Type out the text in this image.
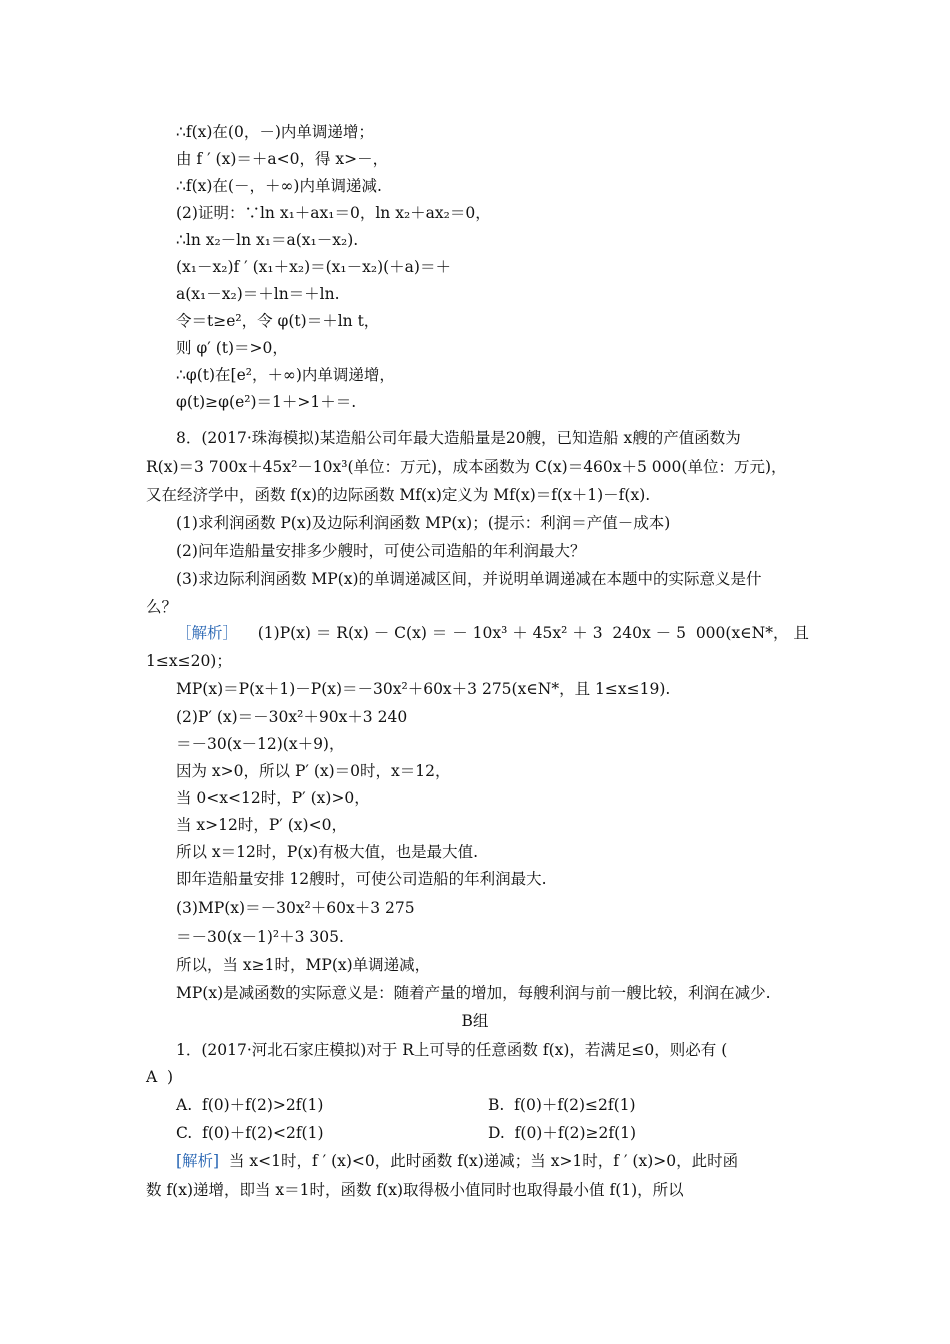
∴f(x)在(0，－)内单调递增；
由 f ′ (x)＝＋a<0，得 x>－，
∴f(x)在(－，＋∞)内单调递减.
(2)证明：∵ln x₁＋ax₁＝0，ln x₂＋ax₂＝0，
∴ln x₂－ln x₁＝a(x₁－x₂).
(x₁－x₂)f ′ (x₁＋x₂)＝(x₁－x₂)(＋a)＝＋
a(x₁－x₂)＝＋ln＝＋ln.
令＝t≥e²，令 φ(t)＝＋ln t，
则 φ′ (t)＝>0，
∴φ(t)在[e²，＋∞)内单调递增，
φ(t)≥φ(e²)＝1＋>1＋＝.
8．(2017·珠海模拟)某造船公司年最大造船量是20艘，已知造船 x艘的产值函数为
R(x)＝3 700x＋45x²－10x³(单位：万元)，成本函数为 C(x)＝460x＋5 000(单位：万元)，
又在经济学中，函数 f(x)的边际函数 Mf(x)定义为 Mf(x)＝f(x＋1)－f(x).
(1)求利润函数 P(x)及边际利润函数 MP(x)；(提示：利润＝产值－成本)
(2)问年造船量安排多少艘时，可使公司造船的年利润最大？
(3)求边际利润函数 MP(x)的单调递减区间，并说明单调递减在本题中的实际意义是什
么？
［解析］ (1)P(x) ＝ R(x) － C(x) ＝ － 10x³ ＋ 45x² ＋ 3  240x － 5  000(x∈N*， 且
1≤x≤20)；
MP(x)＝P(x＋1)－P(x)＝－30x²＋60x＋3 275(x∈N*，且 1≤x≤19).
(2)P′ (x)＝－30x²＋90x＋3 240
＝－30(x－12)(x＋9)，
因为 x>0，所以 P′ (x)＝0时，x＝12，
当 0<x<12时，P′ (x)>0，
当 x>12时，P′ (x)<0，
所以 x＝12时，P(x)有极大值，也是最大值.
即年造船量安排 12艘时，可使公司造船的年利润最大.
(3)MP(x)＝－30x²＋60x＋3 275
＝－30(x－1)²＋3 305.
所以，当 x≥1时，MP(x)单调递减，
MP(x)是减函数的实际意义是：随着产量的增加，每艘利润与前一艘比较，利润在减少.
B组
1．(2017·河北石家庄模拟)对于 R上可导的任意函数 f(x)，若满足≤0，则必有 (
A  )
A.  f(0)＋f(2)>2f(1)	B.  f(0)＋f(2)≤2f(1)
C.  f(0)＋f(2)<2f(1)	D.  f(0)＋f(2)≥2f(1)
[解析] 当 x<1时，f ′ (x)<0，此时函数 f(x)递减；当 x>1时，f ′ (x)>0，此时函
数 f(x)递增，即当 x＝1时，函数 f(x)取得极小值同时也取得最小值 f(1)，所以
